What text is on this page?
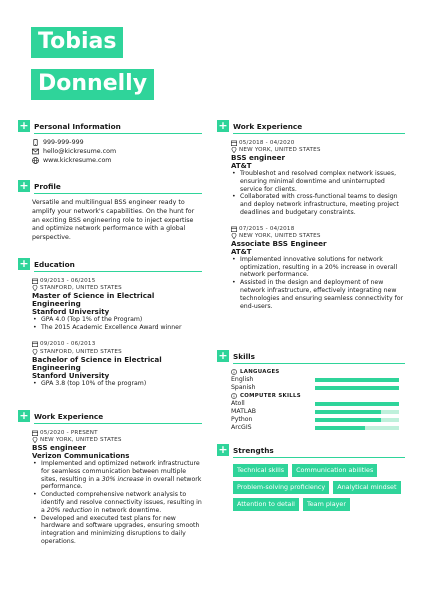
Tobias
Donnelly
+ Personal Information
999-999-999
hello@kickresume.com
www.kickresume.com
+ Profile
Versatile and multilingual BSS engineer ready to amplify your network's capabilities. On the hunt for an exciting BSS engineering role to inject expertise and optimize network performance with a global perspective.
+ Education
09/2013 - 06/2015
STANFORD, UNITED STATES
Master of Science in Electrical Engineering
Stanford University
• GPA 4.0 (Top 1% of the Program)
• The 2015 Academic Excellence Award winner
09/2010 - 06/2013
STANFORD, UNITED STATES
Bachelor of Science in Electrical Engineering
Stanford University
• GPA 3.8 (top 10% of the program)
+ Work Experience
05/2020 - PRESENT
NEW YORK, UNITED STATES
BSS engineer
Verizon Communications
• Implemented and optimized network infrastructure for seamless communication between multiple sites, resulting in a 30% increase in overall network performance.
• Conducted comprehensive network analysis to identify and resolve connectivity issues, resulting in a 20% reduction in network downtime.
• Developed and executed test plans for new hardware and software upgrades, ensuring smooth integration and minimizing disruptions to daily operations.
+ Work Experience
05/2018 - 04/2020
NEW YORK, UNITED STATES
BSS engineer
AT&T
• Troubleshot and resolved complex network issues, ensuring minimal downtime and uninterrupted service for clients.
• Collaborated with cross-functional teams to design and deploy network infrastructure, meeting project deadlines and budgetary constraints.
07/2015 - 04/2018
NEW YORK, UNITED STATES
Associate BSS Engineer
AT&T
• Implemented innovative solutions for network optimization, resulting in a 20% increase in overall network performance.
• Assisted in the design and deployment of new network infrastructure, effectively integrating new technologies and ensuring seamless connectivity for end-users.
+ Skills
LANGUAGES
English
Spanish
COMPUTER SKILLS
Atoll
MATLAB
Python
ArcGIS
+ Strengths
Technical skills	Communication abilities
Problem-solving proficiency	Analytical mindset
Attention to detail	Team player
